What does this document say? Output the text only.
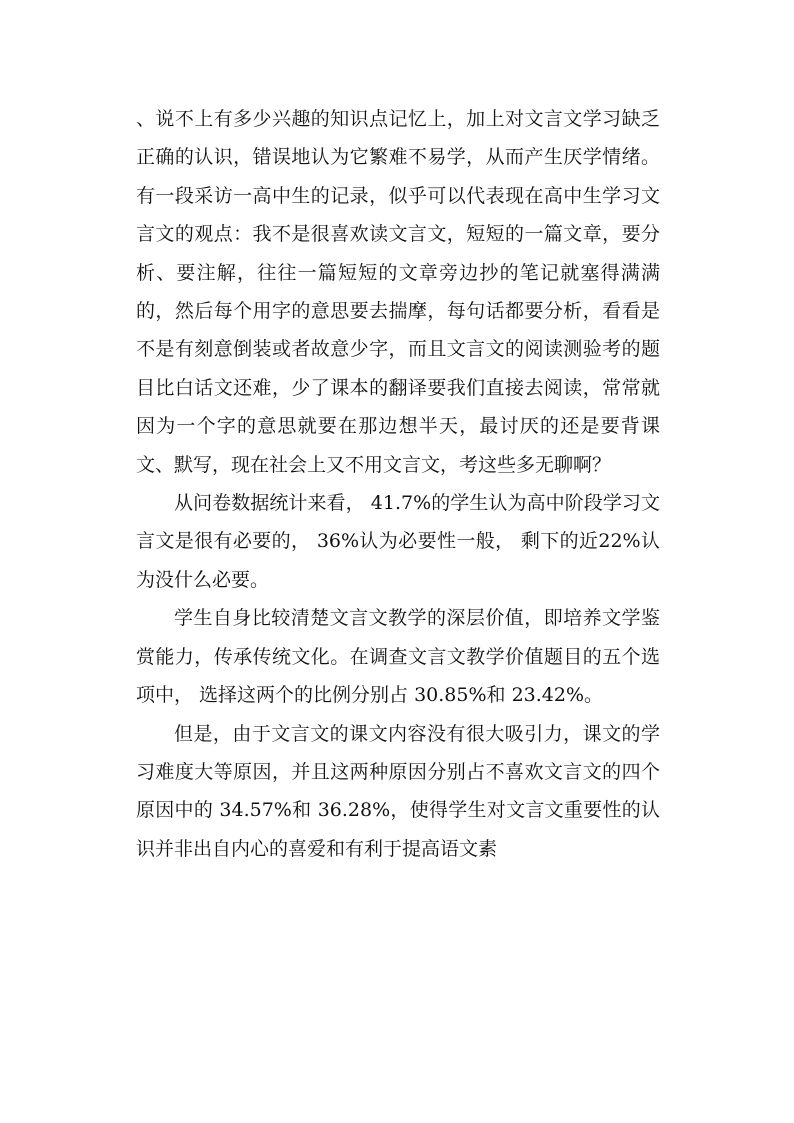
、说不上有多少兴趣的知识点记忆上，加上对文言文学习缺乏正确的认识，错误地认为它繁难不易学，从而产生厌学情绪。有一段采访一高中生的记录，似乎可以代表现在高中生学习文言文的观点：我不是很喜欢读文言文，短短的一篇文章，要分析、要注解，往往一篇短短的文章旁边抄的笔记就塞得满满的，然后每个用字的意思要去揣摩，每句话都要分析，看看是不是有刻意倒装或者故意少字，而且文言文的阅读测验考的题目比白话文还难，少了课本的翻译要我们直接去阅读，常常就因为一个字的意思就要在那边想半天，最讨厌的还是要背课文、默写，现在社会上又不用文言文，考这些多无聊啊？

从问卷数据统计来看， 41.7%的学生认为高中阶段学习文言文是很有必要的， 36%认为必要性一般， 剩下的近22%认为没什么必要。

学生自身比较清楚文言文教学的深层价值，即培养文学鉴赏能力，传承传统文化。在调查文言文教学价值题目的五个选项中， 选择这两个的比例分别占 30.85%和 23.42%。

但是，由于文言文的课文内容没有很大吸引力，课文的学习难度大等原因，并且这两种原因分别占不喜欢文言文的四个原因中的 34.57%和 36.28%，使得学生对文言文重要性的认识并非出自内心的喜爱和有利于提高语文素
